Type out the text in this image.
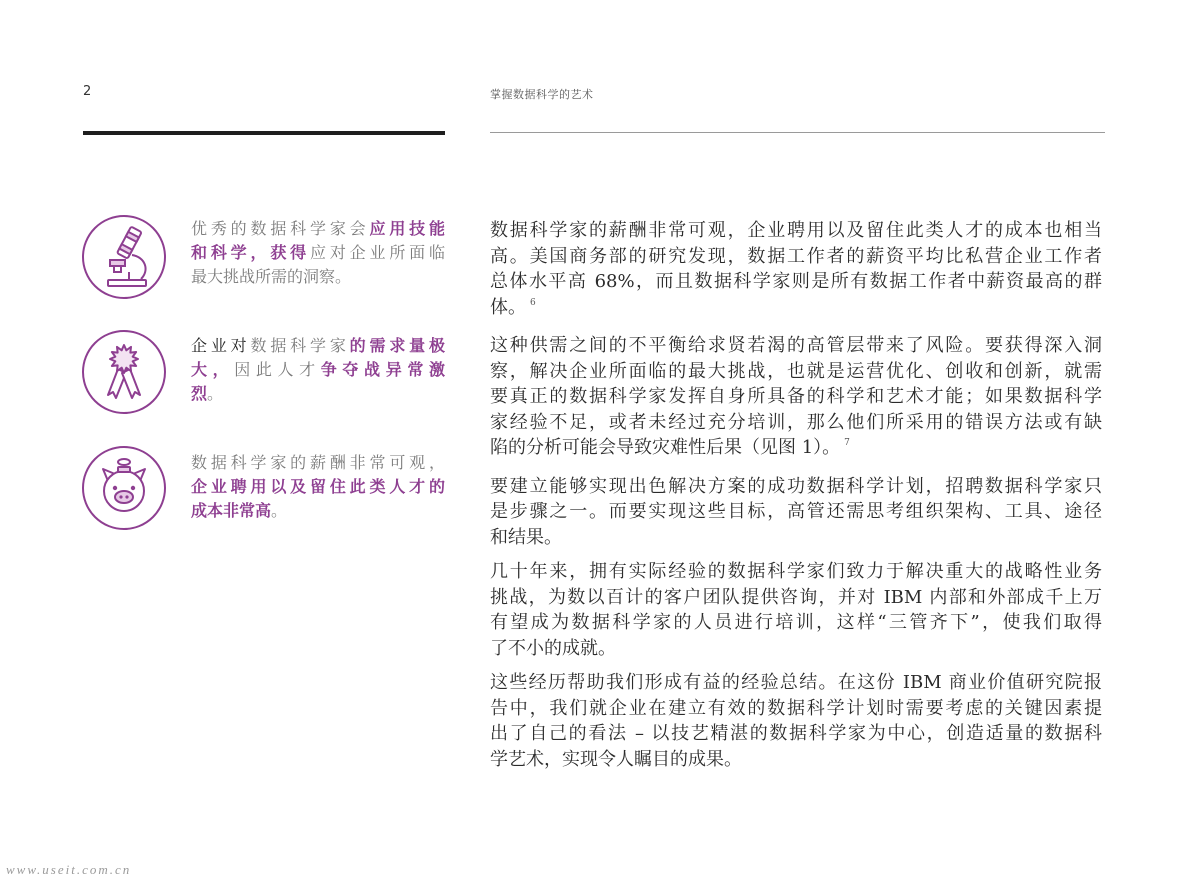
2	掌握数据科学的艺术
优秀的数据科学家会应用技能
和科学，获得应对企业所面临
最大挑战所需的洞察。
企业对数据科学家的需求量极
大，因此人才争夺战异常激
烈。
数据科学家的薪酬非常可观，
企业聘用以及留住此类人才的
成本非常高。
数据科学家的薪酬非常可观，企业聘用以及留住此类人才的成本也相当
高。美国商务部的研究发现，数据工作者的薪资平均比私营企业工作者
总体水平高 68%，而且数据科学家则是所有数据工作者中薪资最高的群
体。 $^6$
这种供需之间的不平衡给求贤若渴的高管层带来了风险。要获得深入洞
察，解决企业所面临的最大挑战，也就是运营优化、创收和创新，就需
要真正的数据科学家发挥自身所具备的科学和艺术才能；如果数据科学
家经验不足，或者未经过充分培训，那么他们所采用的错误方法或有缺
陷的分析可能会导致灾难性后果（见图 1）。 $^7$
要建立能够实现出色解决方案的成功数据科学计划，招聘数据科学家只
是步骤之一。而要实现这些目标，高管还需思考组织架构、工具、途径
和结果。
几十年来，拥有实际经验的数据科学家们致力于解决重大的战略性业务
挑战，为数以百计的客户团队提供咨询，并对 IBM 内部和外部成千上万
有望成为数据科学家的人员进行培训，这样“三管齐下”，使我们取得
了不小的成就。
这些经历帮助我们形成有益的经验总结。在这份 IBM 商业价值研究院报
告中，我们就企业在建立有效的数据科学计划时需要考虑的关键因素提
出了自己的看法 – 以技艺精湛的数据科学家为中心，创造适量的数据科
学艺术，实现令人瞩目的成果。
www.useit.com.cn
